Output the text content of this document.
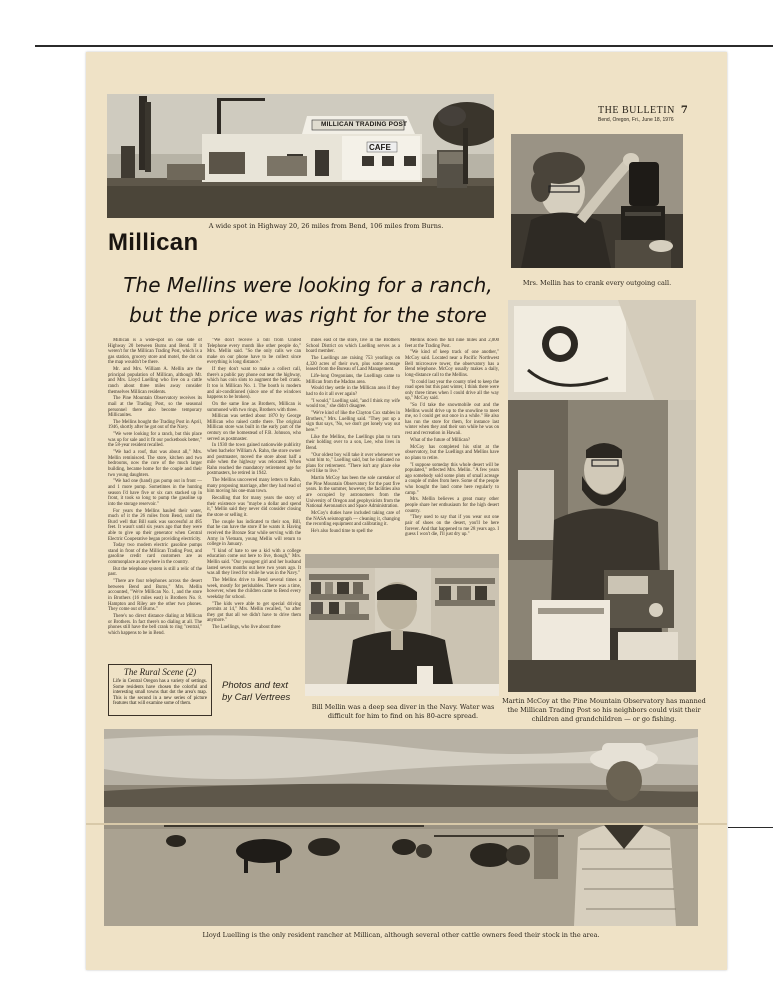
A wide spot in Highway 20, 26 miles from Bend, 106 miles from Burns.
MILLICAN TRADING POST
CAFE
THE BULLETIN 7
Bend, Oregon, Fri., June 18, 1976
Mrs. Mellin has to crank every outgoing call.
Millican
The Mellins were looking for a ranch,
but the price was right for the store

Millican is a wide-spot on one side of Highway 20 between Burns and Bend. If it weren't for the Millican Trading Post, which is a gas station, grocery store and motel, the dot on the map wouldn't be there.

Mr. and Mrs. William A. Mellin are the principal population of Millican, although Mr. and Mrs. Lloyd Luelling who live on a cattle ranch about three miles away consider themselves Millican residents.

The Pine Mountain Observatory receives its mail at the Trading Post, so the seasonal personnel there also become temporary Millicanites.

The Mellins bought the Trading Post in April, 1946, shortly after he got out of the Navy.

"We were looking for a ranch, but this place was up for sale and it fit our pocketbook better," the 58-year resident recalled.

"We had a roof, that was about all," Mrs. Mellin reminisced. The store, kitchen and two bedrooms, now the core of the much larger building, became home for the couple and their two young daughters.

"We had one (hand) gas pump out in front — and 1 more pump. Sometimes in the hunting season I'd have five or six cars stacked up in front, it took so long to pump the gasoline up into the storage reservoir."

For years the Mellins hauled their water, much of it the 26 miles from Bend, until the Burd well that Bill sunk was successful at 485 feet. It wasn't until six years ago that they were able to give up their generator when Central Electric Cooperative began providing electricity.

Today two modern electric gasoline pumps stand in front of the Millican Trading Post, and gasoline credit card customers are as commonplace as anywhere in the country.

But the telephone system is still a relic of the past.

"There are four telephones across the desert between Bend and Burns," Mrs. Mellin accounted, "We're Millican No. 1, and the store in Brothers (16 miles east) is Brothers No. 8. Hampton and Riley are the other two phones. They come out of Burns."

There's no direct distance dialing at Millican or Brothers. In fact there's no dialing at all. The phones still have the bell crank to ring "central," which happens to be in Bend.

"We don't receive a bill from United Telephone every month like other people do," Mrs. Mellin said. "So the only calls we can make on our phone have to be collect since everything is long distance."

If they don't want to make a collect call, there's a public pay phone out near the highway, which has coin slots to augment the bell crank. It too is Millican No. 1. The booth is modern and air-conditioned (since one of the windows happens to be broken).

On the same line as Brothers, Millican is summoned with two rings, Brothers with three.

Millican was settled about 1870 by George Millican who raised cattle there. The original Millican store was built in the early part of the century on the homestead of F.B. Johnson, who served as postmaster.

In 1930 the town gained nationwide publicity when bachelor William A. Rahn, the store owner and postmaster, moved the store about half a mile when the highway was relocated. When Rahn reached the mandatory retirement age for postmasters, he retired in 1942.

The Mellins uncovered many letters to Rahn, many proposing marriage, after they had read of him moving his one-man town.

Recalling that for many years the story of their existence was "maybe a dollar and spend it," Mellin said they never did consider closing the store or selling it.

The couple has indicated to their son, Bill, that he can have the store if he wants it. Having received the Bronze Star while serving with the Army in Vietnam, young Mellin will return to college in January.

"I kind of hate to see a kid with a college education come out here to live, though," Mrs. Mellin said. "Our youngest girl and her husband lasted seven months out here two years ago. It was all they lived for while he was in the Navy."

The Mellins drive to Bend several times a week, mostly for perishables. There was a time, however, when the children came to Bend every weekday for school.

"The kids were able to get special driving permits at 14," Mrs. Mellin recalled, "so after they got that all we didn't have to drive them anymore."

The Luellings, who live about three

miles east of the store, live in the Brothers School District on which Luelling serves as a board member.

The Luellings are raising 753 yearlings on 4,320 acres of their own, plus some acreage leased from the Bureau of Land Management.

Life-long Oregonians, the Luellings came to Millican from the Madras area.

Would they settle in the Millican area if they had to do it all over again?

"I would," Luelling said, "and I think my wife would too," she didn't disagree.

"We're kind of like the Clayton Cox stables in Brothers," Mrs. Luelling said. "They put up a sign that says, 'No, we don't get lonely way out here.'"

Like the Mellins, the Luellings plan to turn their holding over to a son, Lee, who lives in Bend.

"Our oldest boy will take it over whenever we want him to," Luelling said, but he indicated no plans for retirement. "There isn't any place else we'd like to live."

Martin McCoy has been the sole caretaker of the Pine Mountain Observatory for the past five years. In the summer, however, the facilities also are occupied by astronomers from the University of Oregon and geophysicists from the National Aeronautics and Space Administration.

McCoy's duties have included taking care of the NASA seismograph — cleaning it, changing the recording equipment and calibrating it.

He's also found time to spell the

Mellins down the hill nine miles and 2,000 feet at the Trading Post.

"We kind of keep track of one another," McCoy said. Located near a Pacific Northwest Bell microwave tower, the observatory has a Bend telephone. McCoy usually makes a daily, long-distance call to the Mellins.

"It could last year the county tried to keep the road open but this past winter, I think there were only three times when I could drive all the way up," McCoy said.

"So I'd take the snowmobile out and the Mellins would drive up to the snowline to meet me, so I could get out once in a while." He also has run the store for them, for instance last winter when they and their son while he was on rest and recreation in Hawaii.

What of the future of Millican?

McCoy has completed his stint at the observatory, but the Luellings and Mellins have no plans to retire.

"I suppose someday this whole desert will be populated," reflected Mrs. Mellin. "A few years ago somebody sold some plots of small acreage a couple of miles from here. Some of the people who bought the land come here regularly to camp."

Mrs. Mellin believes a great many other people share her enthusiasm for the high desert country.

"They used to say that if you wear out one pair of shoes on the desert, you'll be here forever. And that happened to me 28 years ago. I guess I won't die, I'll just dry up."

The Rural Scene (2)
Life in Central Oregon has a variety of settings. Some residents have chosen the colorful and interesting small towns that dot the area's map. This is the second in a new series of picture features that will examine some of them.
Photos and text
by Carl Vertrees	Martin McCoy at the Pine Mountain Observatory has manned the Millican Trading Post so his neighbors could visit their children and grandchildren — or go fishing.
Bill Mellin was a deep sea diver in the Navy. Water was difficult for him to find on his 80-acre spread.
Lloyd Luelling is the only resident rancher at Millican, although several other cattle owners feed their stock in the area.
